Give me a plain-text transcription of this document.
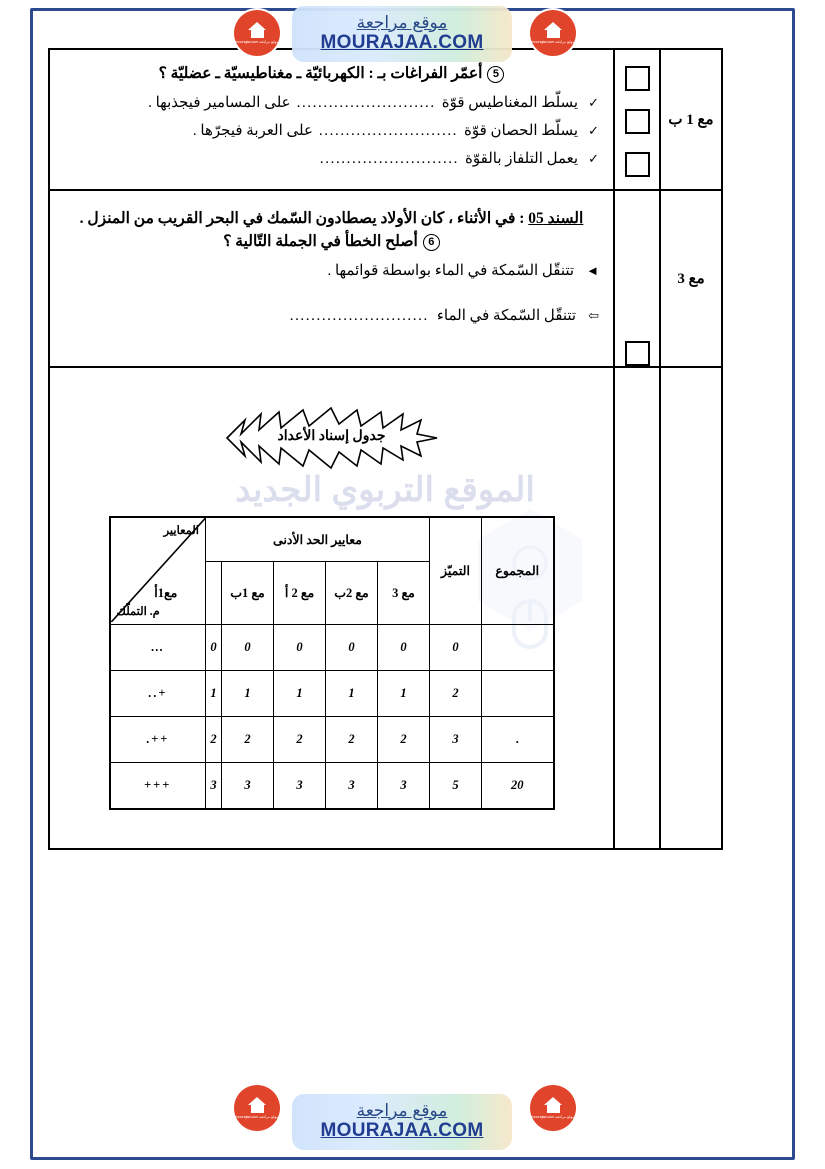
الموقع التربوي الجديد
مع 1 ب
5أعمّر الفراغات بـ : الكهربائيّة ـ مغناطيسيّة ـ عضليّة ؟
✓
يسلّط المغناطيس قوّة
..........................
على المسامير فيجذبها .
✓
يسلّط الحصان قوّة
..........................
على العربة فيجرّها .
✓
يعمل التلفاز بالقوّة
..........................
مع 3
السند 05 : في الأثناء ، كان الأولاد يصطادون السّمك في البحر القريب من المنزل .
6أصلح الخطأ في الجملة التّالية ؟
◄
تتنقّل السّمكة في الماء بواسطة قوائمها .
⇦
تتنقّل السّمكة في الماء
..........................
جدول إسناد الأعداد
المجموع	التميّز	معايير الحد الأدنى					المعايير
م. التملّك

		مع 3	مع 2ب	مع 2 أ	مع 1ب	مع1أ	
	0	0	0	0	0	0	…
	2	1	1	1	1	1	+..
.	3	2	2	2	2	2	++.
20	5	3	3	3	3	3	+++
موقع مراجعة
MOURAJAA.COM
موقع مراجعة
MOURAJAA.COM
موقع مراجعة mourajaa.com	موقع مراجعة mourajaa.com
موقع مراجعة mourajaa.com	موقع مراجعة mourajaa.com
